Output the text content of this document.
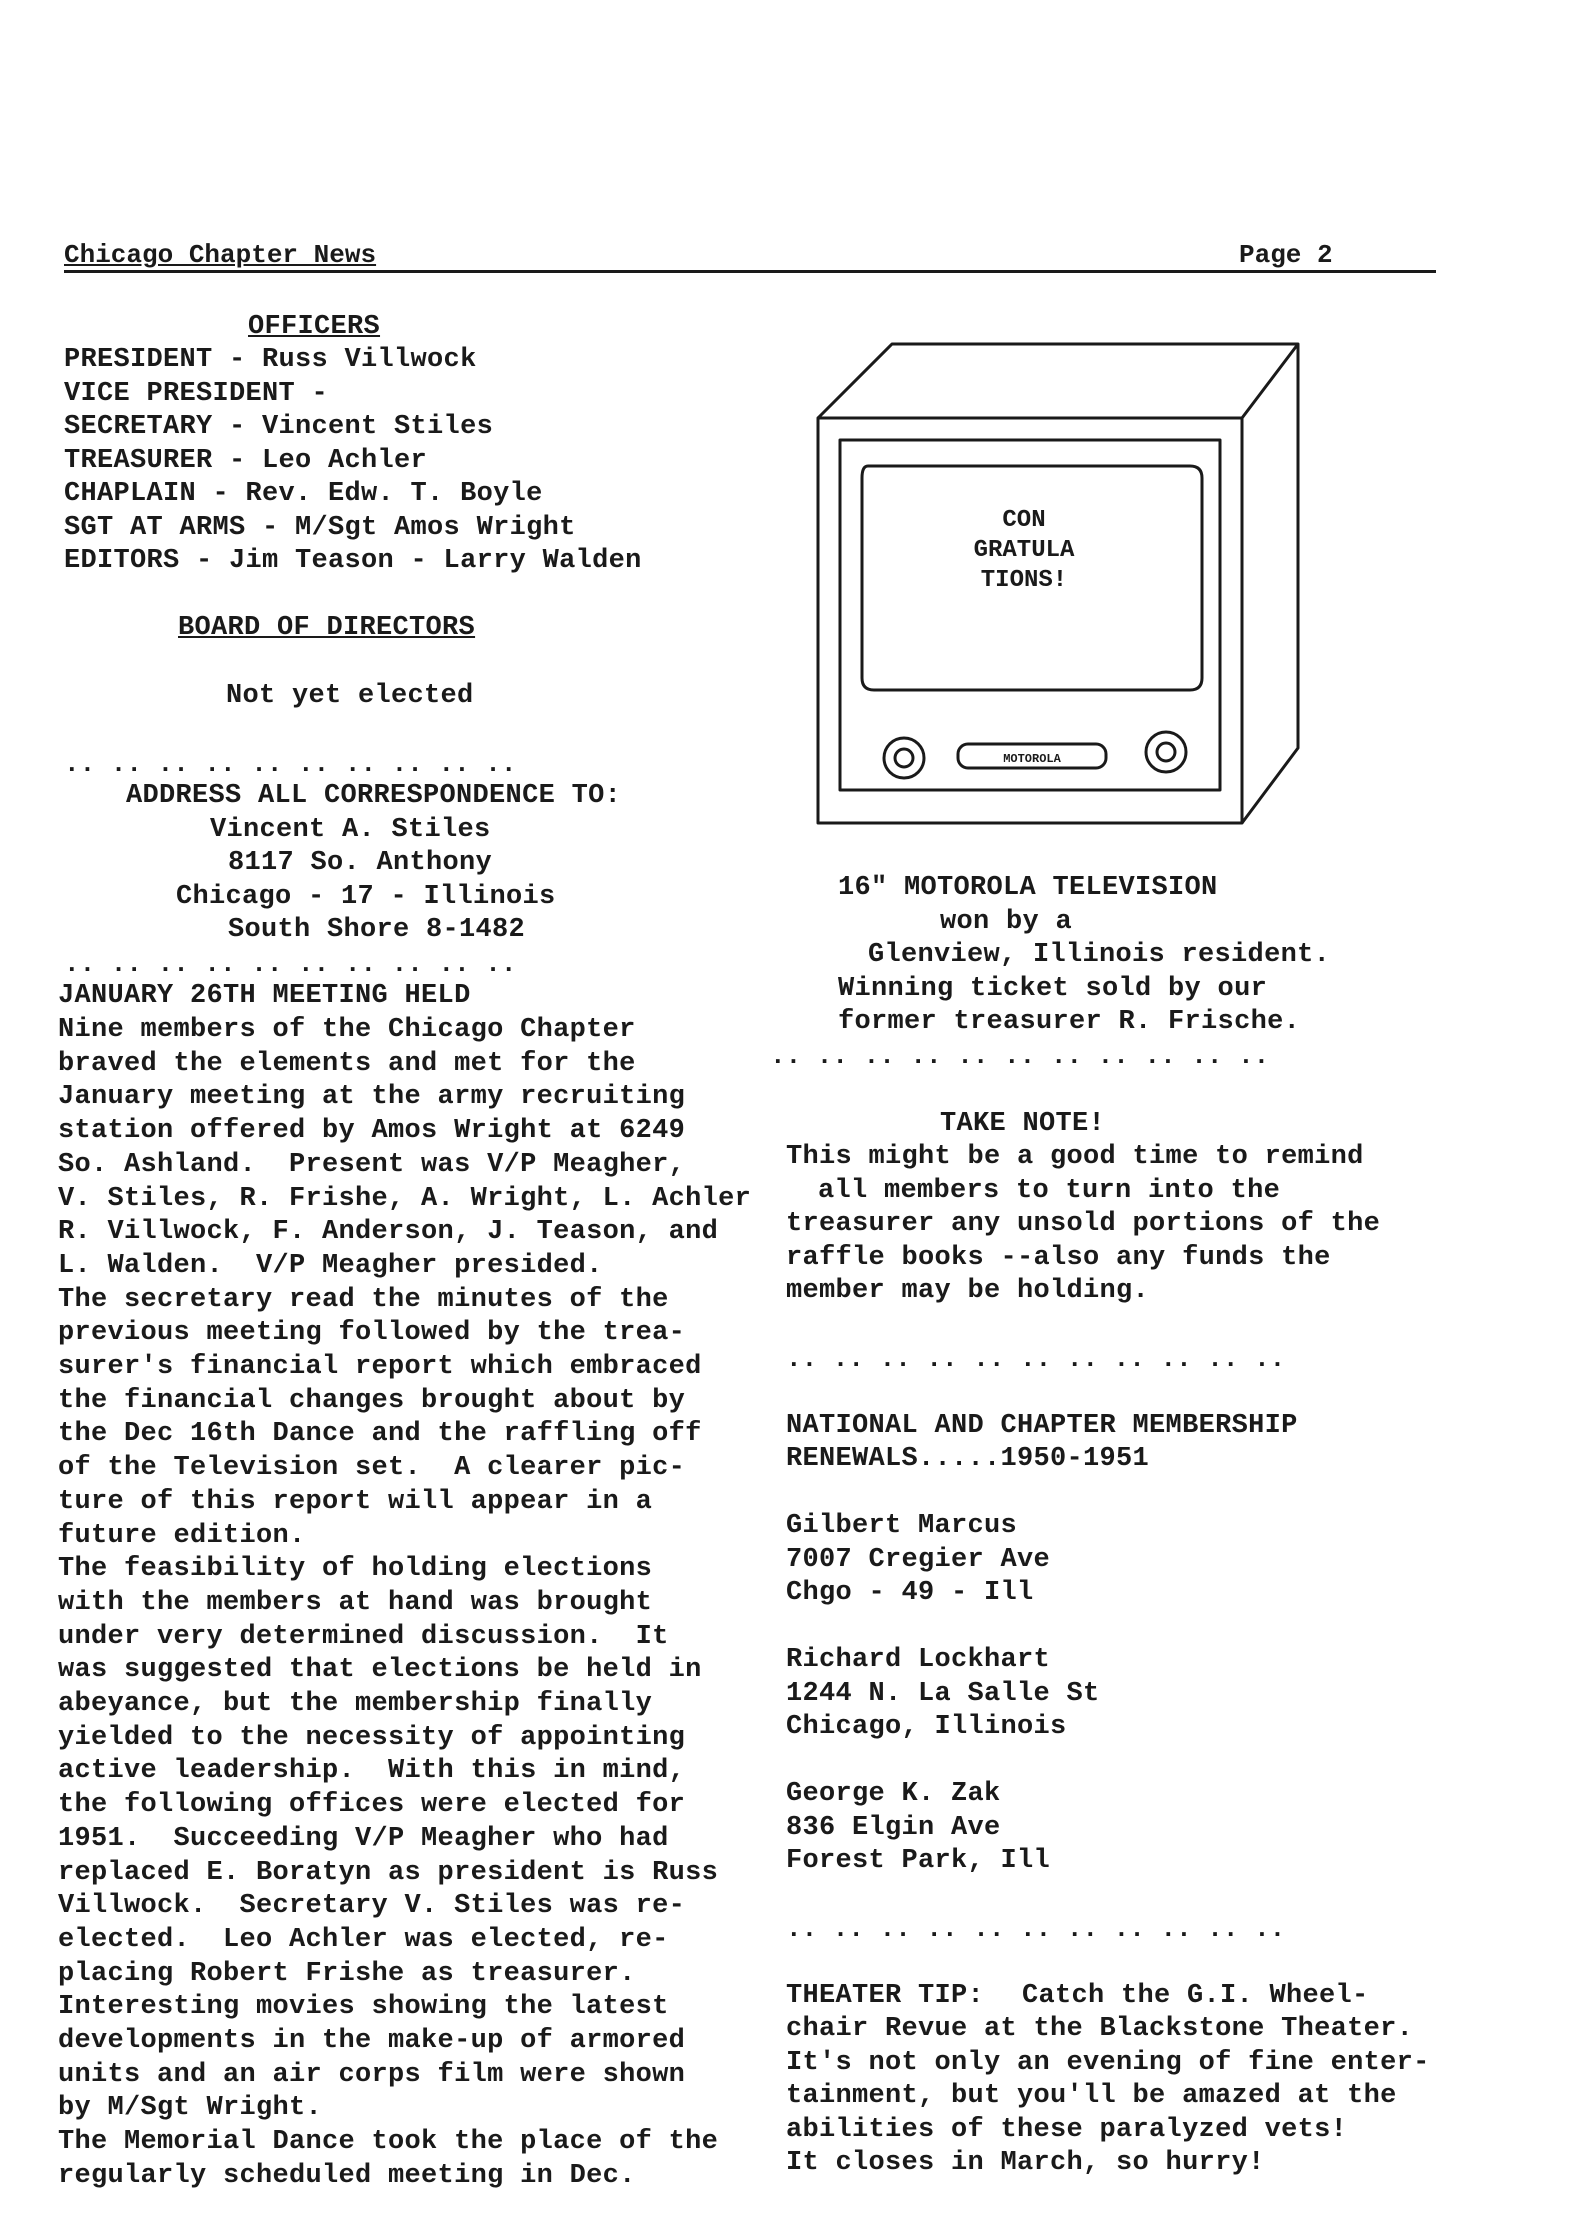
Chicago Chapter News	Page 2
OFFICERS
PRESIDENT - Russ Villwock
VICE PRESIDENT -
SECRETARY - Vincent Stiles
TREASURER - Leo Achler
CHAPLAIN - Rev. Edw. T. Boyle
SGT AT ARMS - M/Sgt Amos Wright
EDITORS - Jim Teason - Larry Walden
BOARD OF DIRECTORS
Not yet elected
.. .. .. .. .. .. .. .. .. ..
ADDRESS ALL CORRESPONDENCE TO:
Vincent A. Stiles
8117 So. Anthony
Chicago - 17 - Illinois
South Shore 8-1482
.. .. .. .. .. .. .. .. .. ..
JANUARY 26TH MEETING HELD
Nine members of the Chicago Chapter
braved the elements and met for the
January meeting at the army recruiting
station offered by Amos Wright at 6249
So. Ashland.  Present was V/P Meagher,
V. Stiles, R. Frishe, A. Wright, L. Achler
R. Villwock, F. Anderson, J. Teason, and
L. Walden.  V/P Meagher presided.
The secretary read the minutes of the
previous meeting followed by the trea-
surer's financial report which embraced
the financial changes brought about by
the Dec 16th Dance and the raffling off
of the Television set.  A clearer pic-
ture of this report will appear in a
future edition.
The feasibility of holding elections
with the members at hand was brought
under very determined discussion.  It
was suggested that elections be held in
abeyance, but the membership finally
yielded to the necessity of appointing
active leadership.  With this in mind,
the following offices were elected for
1951.  Succeeding V/P Meagher who had
replaced E. Boratyn as president is Russ
Villwock.  Secretary V. Stiles was re-
elected.  Leo Achler was elected, re-
placing Robert Frishe as treasurer.
Interesting movies showing the latest
developments in the make-up of armored
units and an air corps film were shown
by M/Sgt Wright.
The Memorial Dance took the place of the
regularly scheduled meeting in Dec.
CON
GRATULA
TIONS!
MOTOROLA
16" MOTOROLA TELEVISION
won by a
Glenview, Illinois resident.
Winning ticket sold by our
former treasurer R. Frische.
.. .. .. .. .. .. .. .. .. .. ..
TAKE NOTE!
This might be a good time to remind
all members to turn into the
treasurer any unsold portions of the
raffle books --also any funds the
member may be holding.
.. .. .. .. .. .. .. .. .. .. ..
NATIONAL AND CHAPTER MEMBERSHIP
RENEWALS.....1950-1951
Gilbert Marcus
7007 Cregier Ave
Chgo - 49 - Ill
Richard Lockhart
1244 N. La Salle St
Chicago, Illinois
George K. Zak
836 Elgin Ave
Forest Park, Ill
.. .. .. .. .. .. .. .. .. .. ..
THEATER TIP: Catch the G.I. Wheel-
chair Revue at the Blackstone Theater.
It's not only an evening of fine enter-
tainment, but you'll be amazed at the
abilities of these paralyzed vets!
It closes in March, so hurry!
